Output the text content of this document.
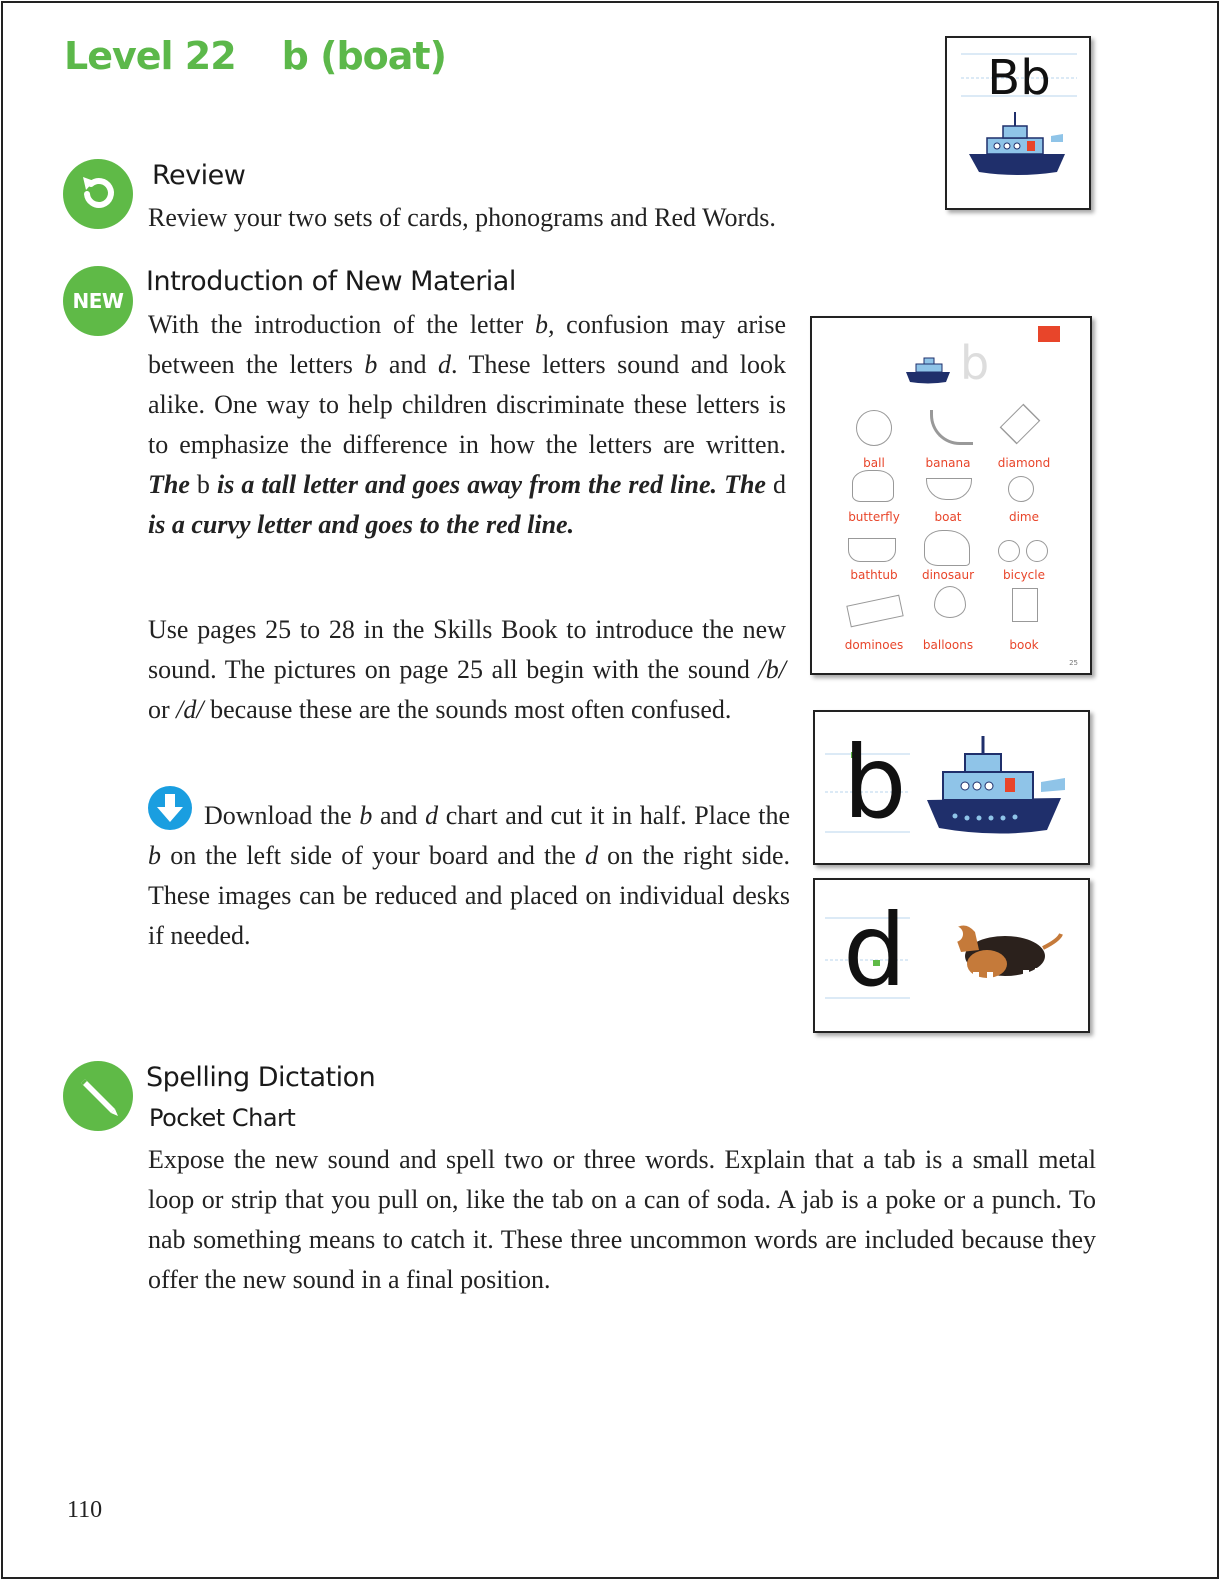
Level 22 b (boat)	Bb
Review

Review your two sets of cards, phonograms and Red Words.

NEW
Introduction of New Material

With the introduction of the letter b, confusion may arise between the letters b and d. These letters sound and look alike. One way to help children discriminate these letters is to emphasize the difference in how the letters are written. The b is a tall letter and goes away from the red line. The d is a curvy letter and goes to the red line.

Use pages 25 to 28 in the Skills Book to introduce the new sound. The pictures on page 25 all begin with the sound /b/ or /d/ because these are the sounds most often confused.

Download the b and d chart and cut it in half. Place the b on the left side of your board and the d on the right side. These images can be reduced and placed on individual desks if needed.

b
ball	banana	diamond
butterfly	boat	dime
bathtub	dinosaur	bicycle
dominoes	balloons	book
25
b
d
Spelling Dictation
Pocket Chart

Expose the new sound and spell two or three words. Explain that a tab is a small metal loop or strip that you pull on, like the tab on a can of soda. A jab is a poke or a punch. To nab something means to catch it. These three uncommon words are included because they offer the new sound in a final position.

110
